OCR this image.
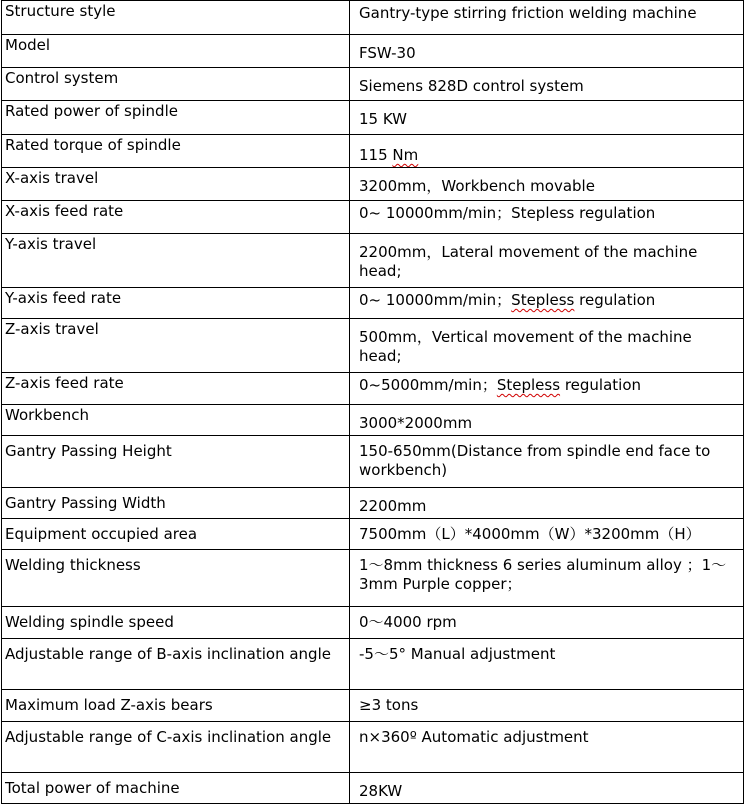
Structure style	Gantry-type stirring friction welding machine
Model	FSW-30
Control system	Siemens 828D control system
Rated power of spindle	15 KW
Rated torque of spindle	115 Nm
X-axis travel	3200mm，Workbench movable
X-axis feed rate	0~ 10000mm/min；Stepless regulation
Y-axis travel	2200mm，Lateral movement of the machine head;
Y-axis feed rate	0~ 10000mm/min；Stepless regulation
Z-axis travel	500mm，Vertical movement of the machine head;
Z-axis feed rate	0~5000mm/min；Stepless regulation
Workbench	3000*2000mm
Gantry Passing Height	150-650mm(Distance from spindle end face to workbench)
Gantry Passing Width	2200mm
Equipment occupied area	7500mm（L）*4000mm（W）*3200mm（H）
Welding thickness	1～8mm thickness 6 series aluminum alloy ；1～3mm Purple copper；
Welding spindle speed	0～4000 rpm
Adjustable range of B-axis inclination angle	-5～5° Manual adjustment
Maximum load Z-axis bears	≥3 tons
Adjustable range of C-axis inclination angle	n×360º Automatic adjustment
Total power of machine	28KW
